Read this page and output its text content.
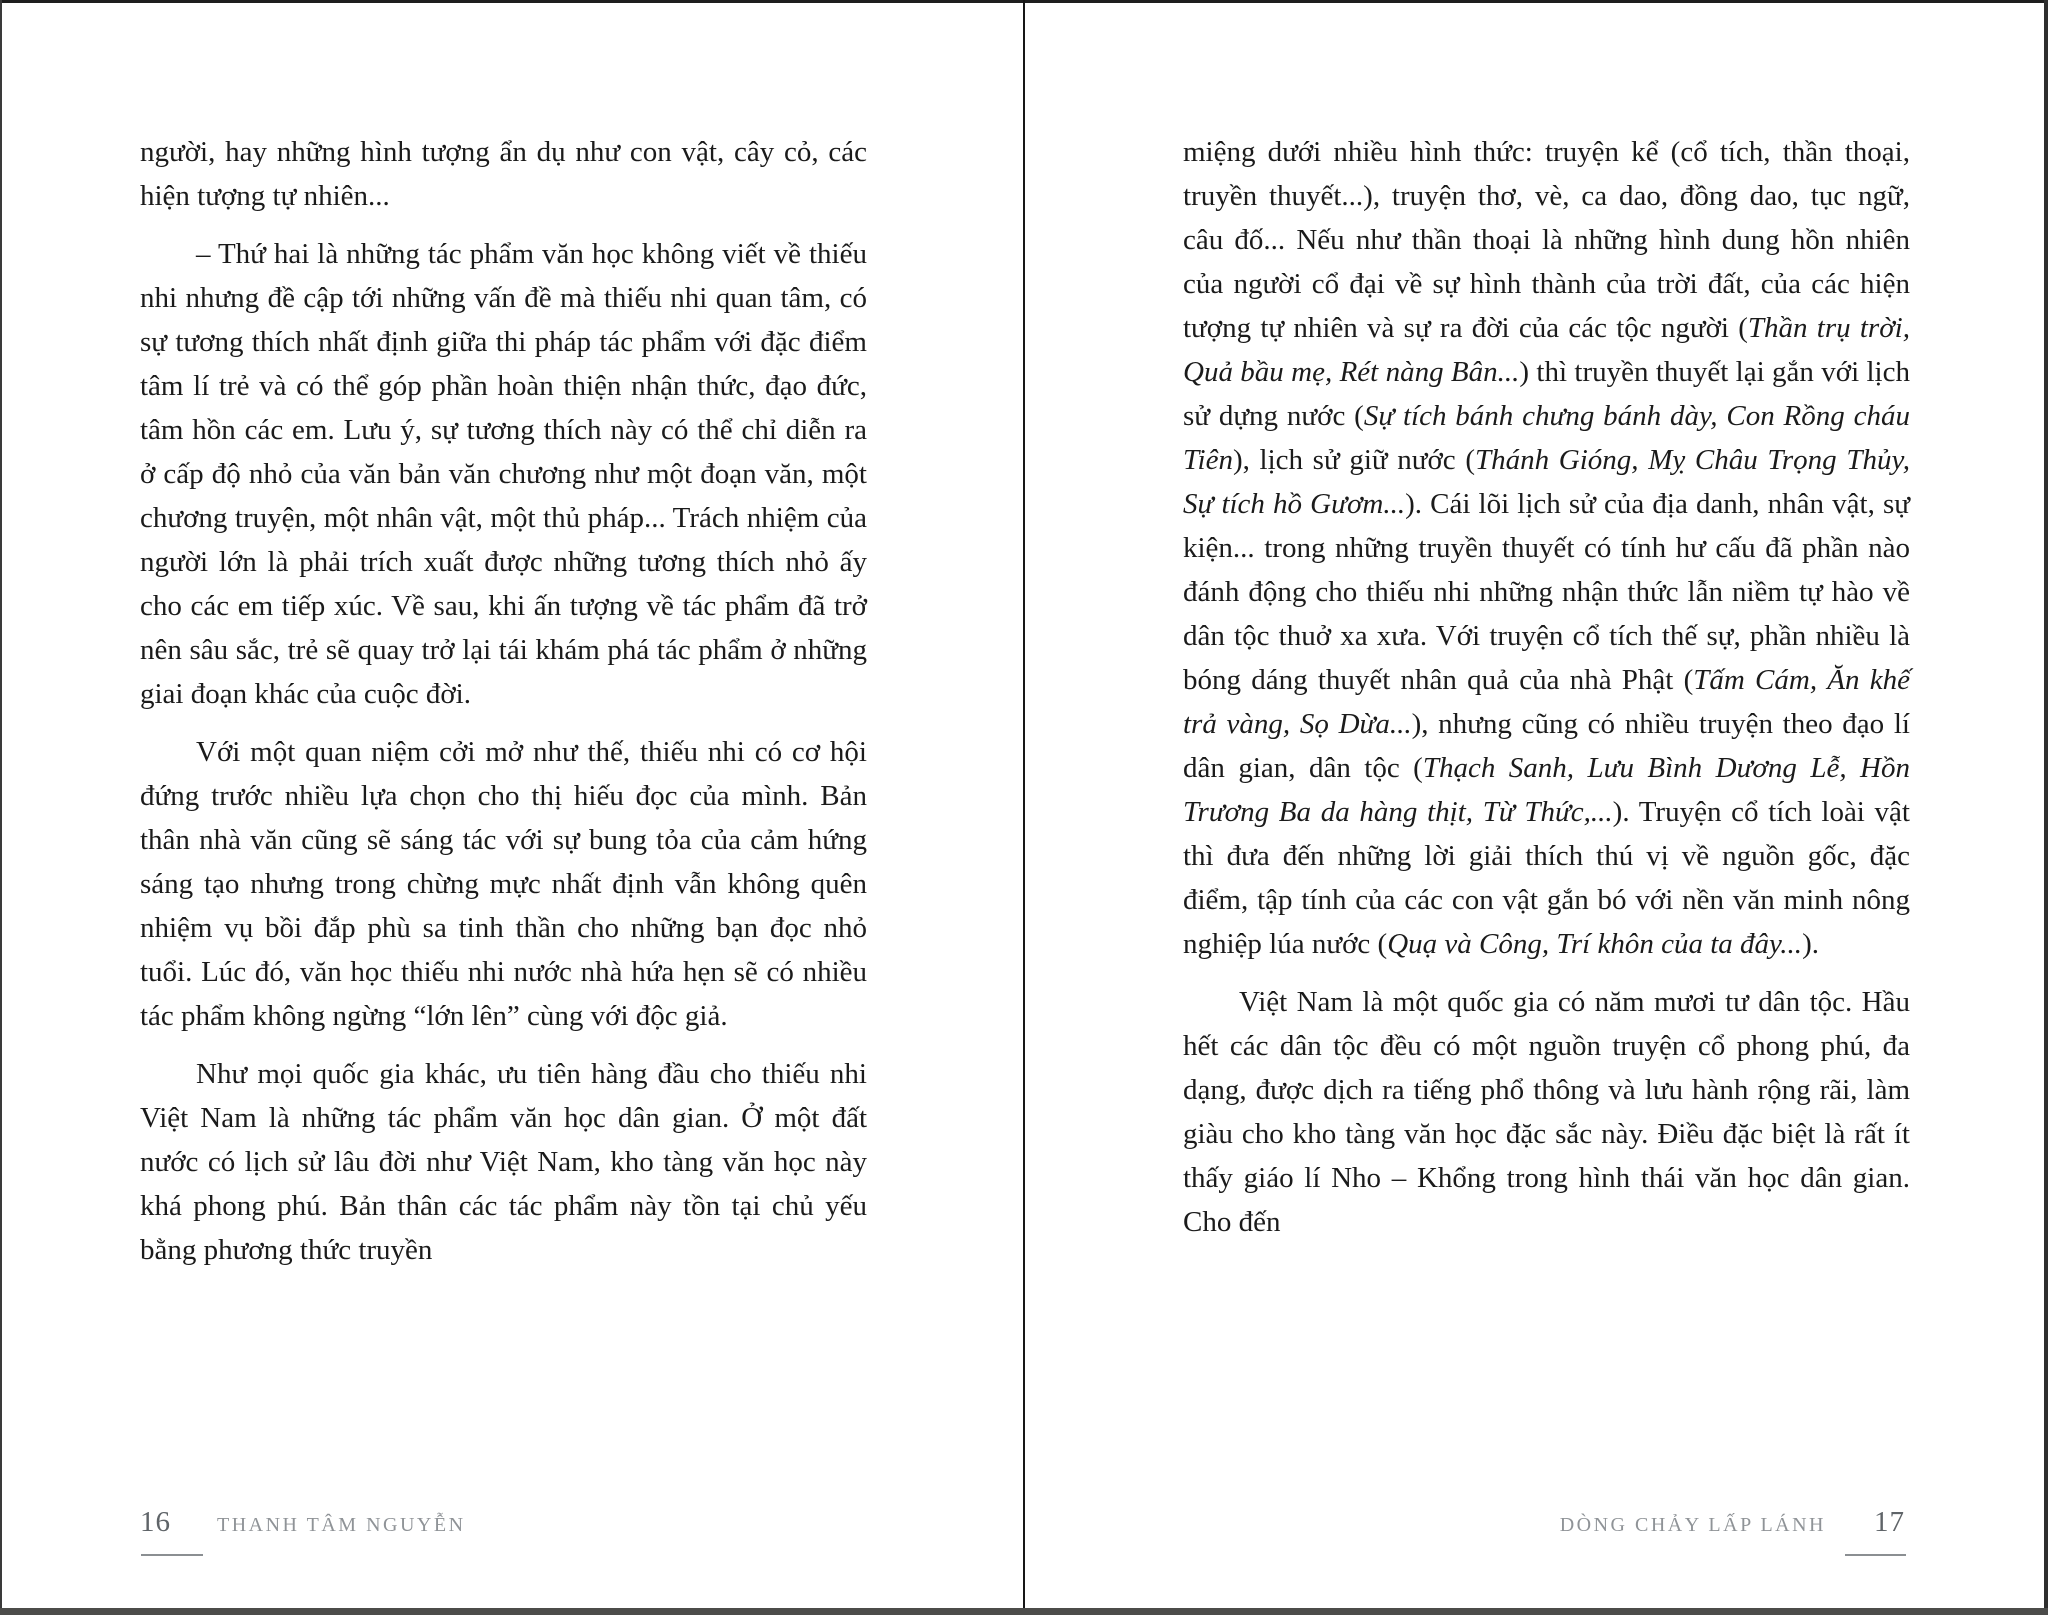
người, hay những hình tượng ẩn dụ như con vật, cây cỏ, các hiện tượng tự nhiên...

– Thứ hai là những tác phẩm văn học không viết về thiếu nhi nhưng đề cập tới những vấn đề mà thiếu nhi quan tâm, có sự tương thích nhất định giữa thi pháp tác phẩm với đặc điểm tâm lí trẻ và có thể góp phần hoàn thiện nhận thức, đạo đức, tâm hồn các em. Lưu ý, sự tương thích này có thể chỉ diễn ra ở cấp độ nhỏ của văn bản văn chương như một đoạn văn, một chương truyện, một nhân vật, một thủ pháp... Trách nhiệm của người lớn là phải trích xuất được những tương thích nhỏ ấy cho các em tiếp xúc. Về sau, khi ấn tượng về tác phẩm đã trở nên sâu sắc, trẻ sẽ quay trở lại tái khám phá tác phẩm ở những giai đoạn khác của cuộc đời.

Với một quan niệm cởi mở như thế, thiếu nhi có cơ hội đứng trước nhiều lựa chọn cho thị hiếu đọc của mình. Bản thân nhà văn cũng sẽ sáng tác với sự bung tỏa của cảm hứng sáng tạo nhưng trong chừng mực nhất định vẫn không quên nhiệm vụ bồi đắp phù sa tinh thần cho những bạn đọc nhỏ tuổi. Lúc đó, văn học thiếu nhi nước nhà hứa hẹn sẽ có nhiều tác phẩm không ngừng “lớn lên” cùng với độc giả.

Như mọi quốc gia khác, ưu tiên hàng đầu cho thiếu nhi Việt Nam là những tác phẩm văn học dân gian. Ở một đất nước có lịch sử lâu đời như Việt Nam, kho tàng văn học này khá phong phú. Bản thân các tác phẩm này tồn tại chủ yếu bằng phương thức truyền

miệng dưới nhiều hình thức: truyện kể (cổ tích, thần thoại, truyền thuyết...), truyện thơ, vè, ca dao, đồng dao, tục ngữ, câu đố... Nếu như thần thoại là những hình dung hồn nhiên của người cổ đại về sự hình thành của trời đất, của các hiện tượng tự nhiên và sự ra đời của các tộc người (Thần trụ trời, Quả bầu mẹ, Rét nàng Bân...) thì truyền thuyết lại gắn với lịch sử dựng nước (Sự tích bánh chưng bánh dày, Con Rồng cháu Tiên), lịch sử giữ nước (Thánh Gióng, Mỵ Châu Trọng Thủy, Sự tích hồ Gươm...). Cái lõi lịch sử của địa danh, nhân vật, sự kiện... trong những truyền thuyết có tính hư cấu đã phần nào đánh động cho thiếu nhi những nhận thức lẫn niềm tự hào về dân tộc thuở xa xưa. Với truyện cổ tích thế sự, phần nhiều là bóng dáng thuyết nhân quả của nhà Phật (Tấm Cám, Ăn khế trả vàng, Sọ Dừa...), nhưng cũng có nhiều truyện theo đạo lí dân gian, dân tộc (Thạch Sanh, Lưu Bình Dương Lễ, Hồn Trương Ba da hàng thịt, Từ Thức,...). Truyện cổ tích loài vật thì đưa đến những lời giải thích thú vị về nguồn gốc, đặc điểm, tập tính của các con vật gắn bó với nền văn minh nông nghiệp lúa nước (Quạ và Công, Trí khôn của ta đây...).

Việt Nam là một quốc gia có năm mươi tư dân tộc. Hầu hết các dân tộc đều có một nguồn truyện cổ phong phú, đa dạng, được dịch ra tiếng phổ thông và lưu hành rộng rãi, làm giàu cho kho tàng văn học đặc sắc này. Điều đặc biệt là rất ít thấy giáo lí Nho – Khổng trong hình thái văn học dân gian. Cho đến

16 THANH TÂM NGUYỄN	DÒNG CHẢY LẤP LÁNH 17
